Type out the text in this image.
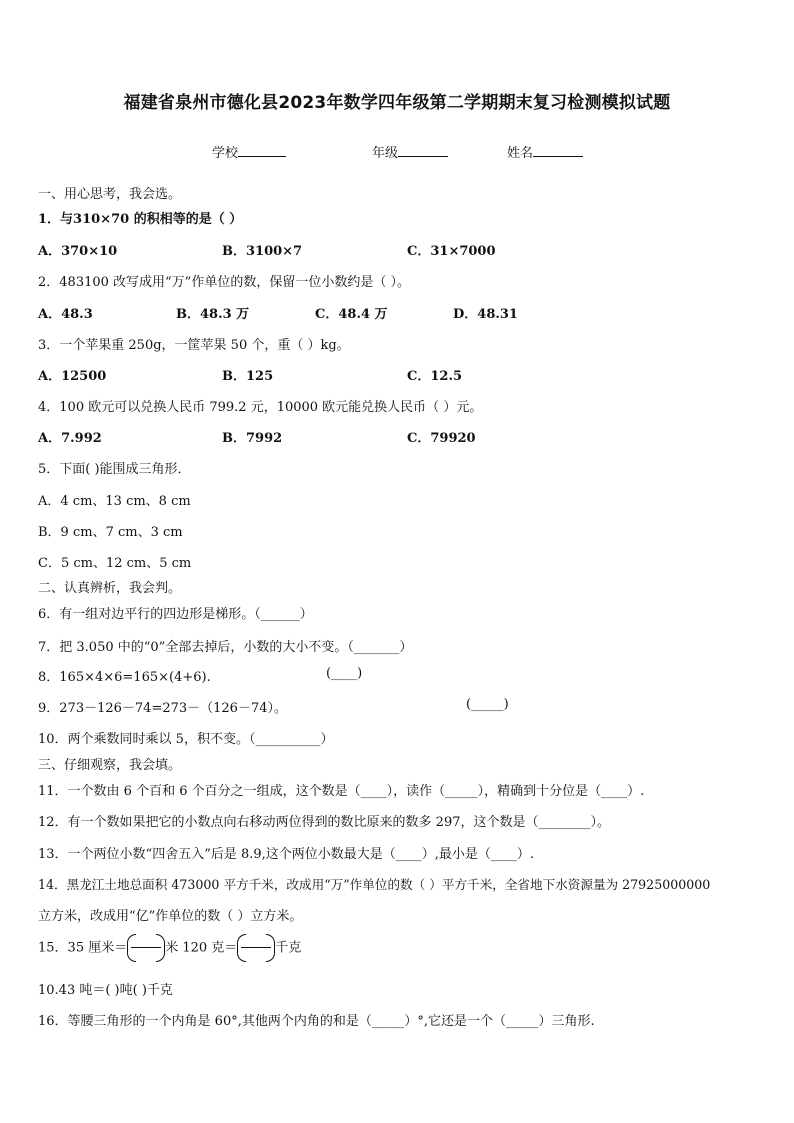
福建省泉州市德化县2023年数学四年级第二学期期末复习检测模拟试题
学校	年级	姓名
一、用心思考，我会选。
1．与310×70 的积相等的是（ ）
A．370×10	B．3100×7	C．31×7000
2．483100 改写成用“万”作单位的数，保留一位小数约是（ ）。
A．48.3	B．48.3 万	C．48.4 万	D．48.31
3．一个苹果重 250g，一筐苹果 50 个，重（ ）kg。
A．12500	B．125	C．12.5
4．100 欧元可以兑换人民币 799.2 元，10000 欧元能兑换人民币（ ）元。
A．7.992	B．7992	C．79920
5．下面( )能围成三角形．
A．4 cm、13 cm、8 cm
B．9 cm、7 cm、3 cm
C．5 cm、12 cm、5 cm
二、认真辨析，我会判。
6．有一组对边平行的四边形是梯形。（______）
7．把 3.050 中的“0”全部去掉后，小数的大小不变。（_______）
8．165×4×6=165×(4+6).	(____)
9．273－126－74=273－（126－74）。	(_____)
10．两个乘数同时乘以 5，积不变。（__________）
三、仔细观察，我会填。
11．一个数由 6 个百和 6 个百分之一组成，这个数是（____），读作（_____），精确到十分位是（____）.
12．有一个数如果把它的小数点向右移动两位得到的数比原来的数多 297，这个数是（________）。
13．一个两位小数“四舍五入”后是 8.9,这个两位小数最大是（____）,最小是（____）.
14．黑龙江土地总面积 473000 平方千米，改成用“万”作单位的数（ ）平方千米，全省地下水资源量为 27925000000
立方米，改成用“亿”作单位的数（ ）立方米。
15．35 厘米＝	米 120 克＝	千克
10.43 吨＝( )吨( )千克
16．等腰三角形的一个内角是 60°,其他两个内角的和是（_____）°,它还是一个（_____）三角形.
